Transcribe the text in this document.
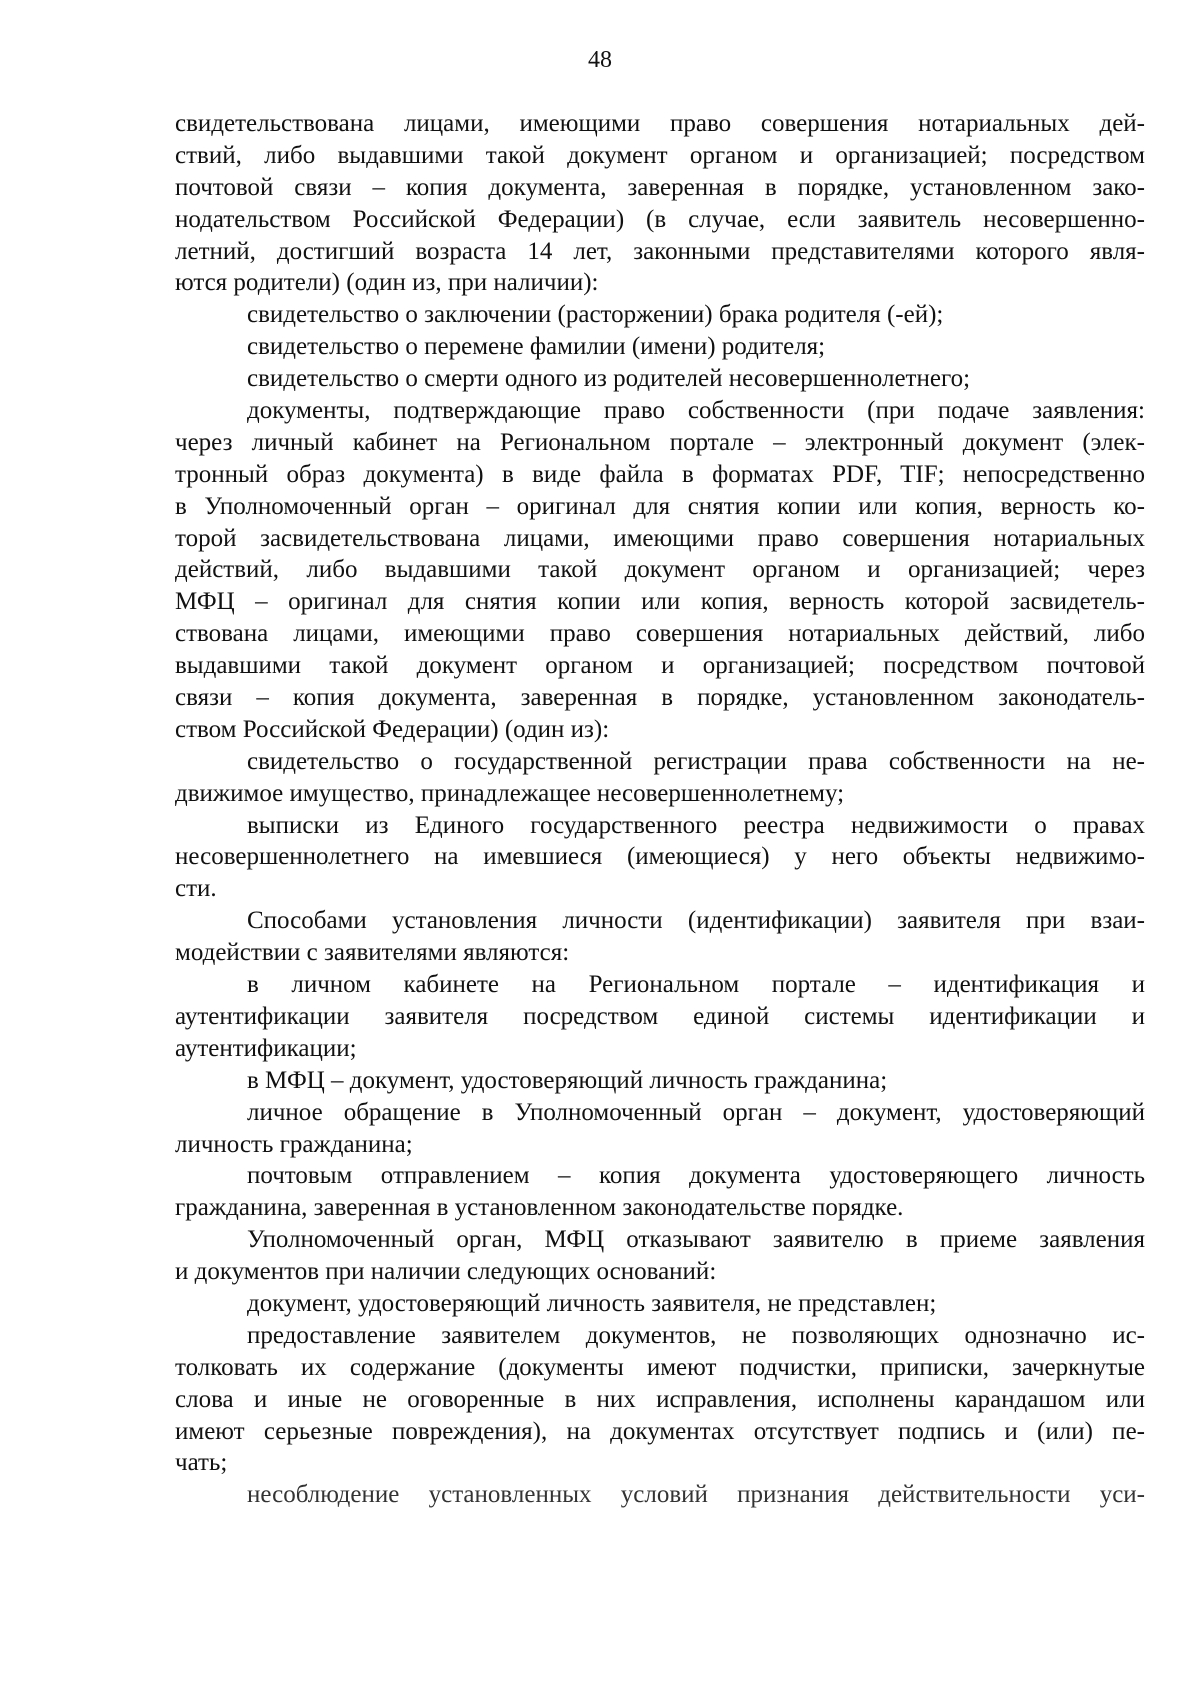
48
свидетельствована лицами, имеющими право совершения нотариальных дей-
ствий, либо выдавшими такой документ органом и организацией; посредством
почтовой связи – копия документа, заверенная в порядке, установленном зако-
нодательством Российской Федерации) (в случае, если заявитель несовершенно-
летний, достигший возраста 14 лет, законными представителями которого явля-
ются родители) (один из, при наличии):
свидетельство о заключении (расторжении) брака родителя (-ей);
свидетельство о перемене фамилии (имени) родителя;
свидетельство о смерти одного из родителей несовершеннолетнего;
документы, подтверждающие право собственности (при подаче заявления:
через личный кабинет на Региональном портале – электронный документ (элек-
тронный образ документа) в виде файла в форматах PDF, TIF; непосредственно
в Уполномоченный орган – оригинал для снятия копии или копия, верность ко-
торой засвидетельствована лицами, имеющими право совершения нотариальных
действий, либо выдавшими такой документ органом и организацией; через
МФЦ – оригинал для снятия копии или копия, верность которой засвидетель-
ствована лицами, имеющими право совершения нотариальных действий, либо
выдавшими такой документ органом и организацией; посредством почтовой
связи – копия документа, заверенная в порядке, установленном законодатель-
ством Российской Федерации) (один из):
свидетельство о государственной регистрации права собственности на не-
движимое имущество, принадлежащее несовершеннолетнему;
выписки из Единого государственного реестра недвижимости о правах
несовершеннолетнего на имевшиеся (имеющиеся) у него объекты недвижимо-
сти.
Способами установления личности (идентификации) заявителя при взаи-
модействии с заявителями являются:
в личном кабинете на Региональном портале – идентификация и
аутентификации заявителя посредством единой системы идентификации и
аутентификации;
в МФЦ – документ, удостоверяющий личность гражданина;
личное обращение в Уполномоченный орган – документ, удостоверяющий
личность гражданина;
почтовым отправлением – копия документа удостоверяющего личность
гражданина, заверенная в установленном законодательстве порядке.
Уполномоченный орган, МФЦ отказывают заявителю в приеме заявления
и документов при наличии следующих оснований:
документ, удостоверяющий личность заявителя, не представлен;
предоставление заявителем документов, не позволяющих однозначно ис-
толковать их содержание (документы имеют подчистки, приписки, зачеркнутые
слова и иные не оговоренные в них исправления, исполнены карандашом или
имеют серьезные повреждения), на документах отсутствует подпись и (или) пе-
чать;
несоблюдение установленных условий признания действительности уси-
